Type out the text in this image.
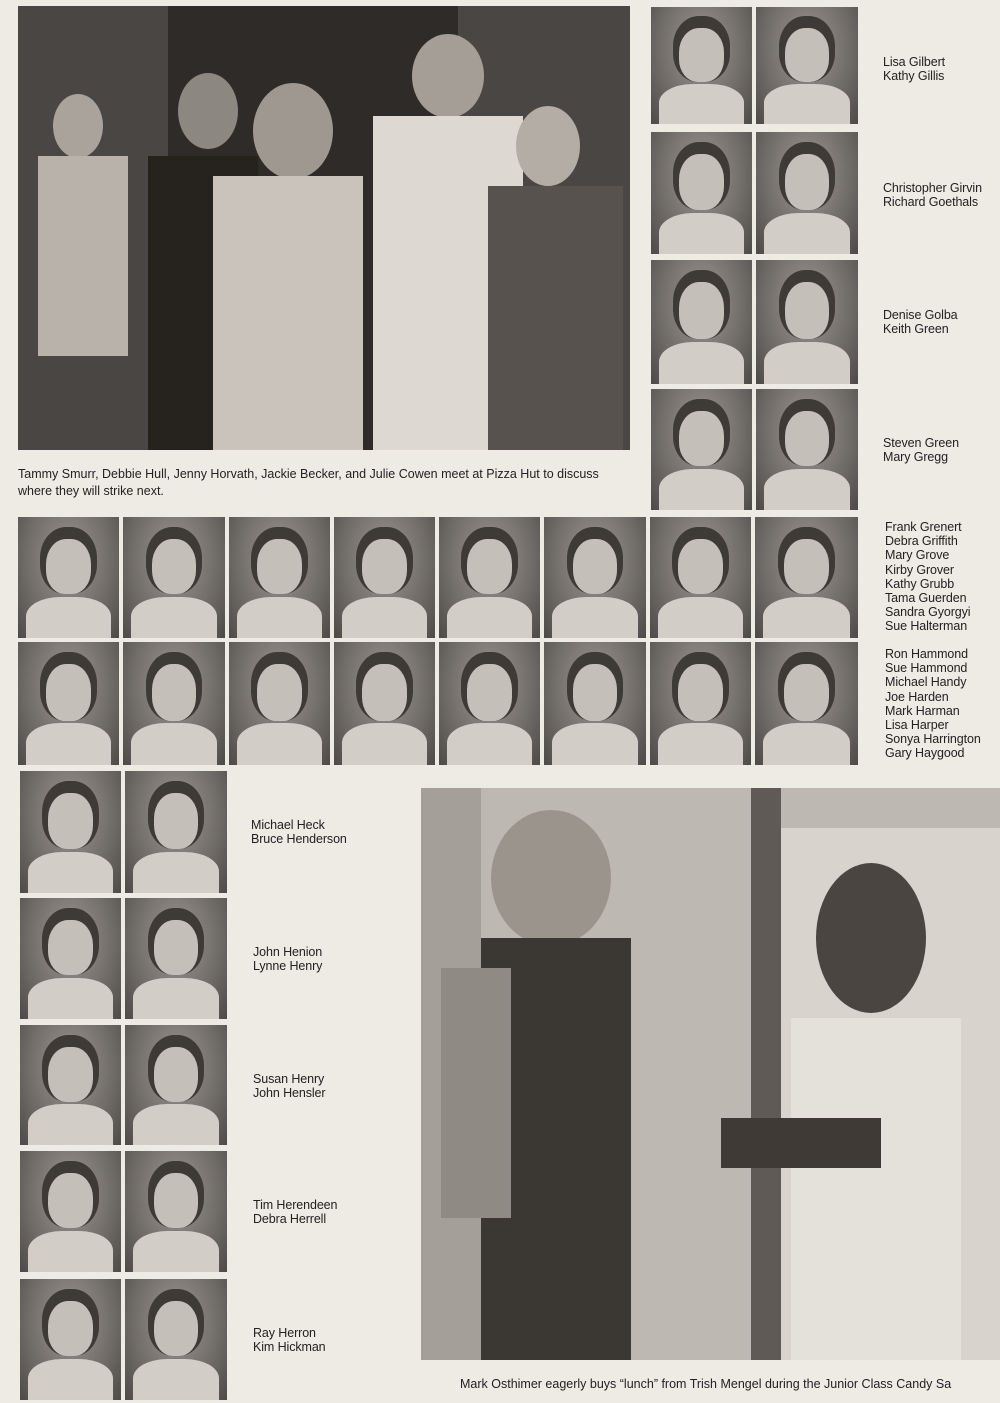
Tammy Smurr, Debbie Hull, Jenny Horvath, Jackie Becker, and Julie Cowen meet at Pizza Hut to discuss where they will strike next.
Lisa Gilbert
Kathy Gillis
Christopher Girvin
Richard Goethals
Denise Golba
Keith Green
Steven Green
Mary Gregg
Frank Grenert
Debra Griffith
Mary Grove
Kirby Grover
Kathy Grubb
Tama Guerden
Sandra Gyorgyi
Sue Halterman
Ron Hammond
Sue Hammond
Michael Handy
Joe Harden
Mark Harman
Lisa Harper
Sonya Harrington
Gary Haygood
Michael Heck
Bruce Henderson
John Henion
Lynne Henry
Susan Henry
John Hensler
Tim Herendeen
Debra Herrell
Ray Herron
Kim Hickman
Mark Osthimer eagerly buys “lunch” from Trish Mengel during the Junior Class Candy Sa
